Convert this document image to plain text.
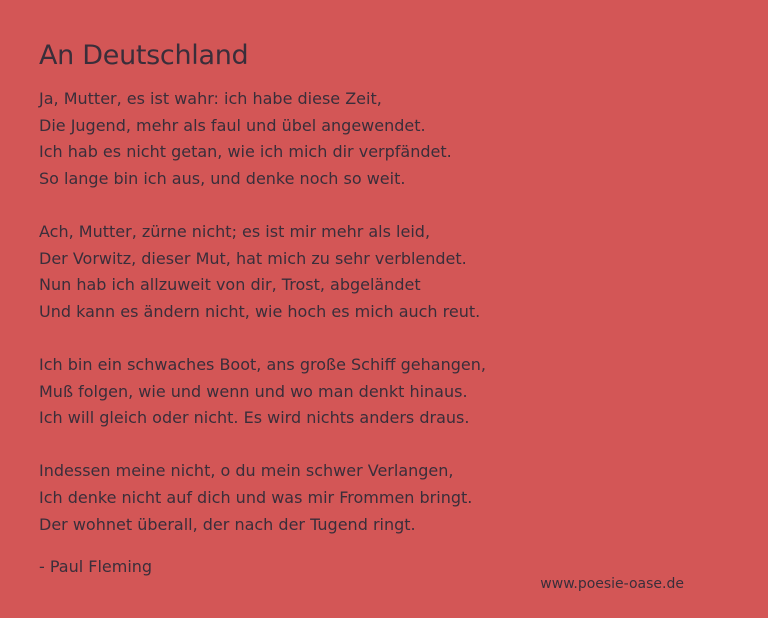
An Deutschland
Ja, Mutter, es ist wahr: ich habe diese Zeit,
Die Jugend, mehr als faul und übel angewendet.
Ich hab es nicht getan, wie ich mich dir verpfändet.
So lange bin ich aus, und denke noch so weit.
Ach, Mutter, zürne nicht; es ist mir mehr als leid,
Der Vorwitz, dieser Mut, hat mich zu sehr verblendet.
Nun hab ich allzuweit von dir, Trost, abgeländet
Und kann es ändern nicht, wie hoch es mich auch reut.
Ich bin ein schwaches Boot, ans große Schiff gehangen,
Muß folgen, wie und wenn und wo man denkt hinaus.
Ich will gleich oder nicht. Es wird nichts anders draus.
Indessen meine nicht, o du mein schwer Verlangen,
Ich denke nicht auf dich und was mir Frommen bringt.
Der wohnet überall, der nach der Tugend ringt.
- Paul Fleming
www.poesie-oase.de
